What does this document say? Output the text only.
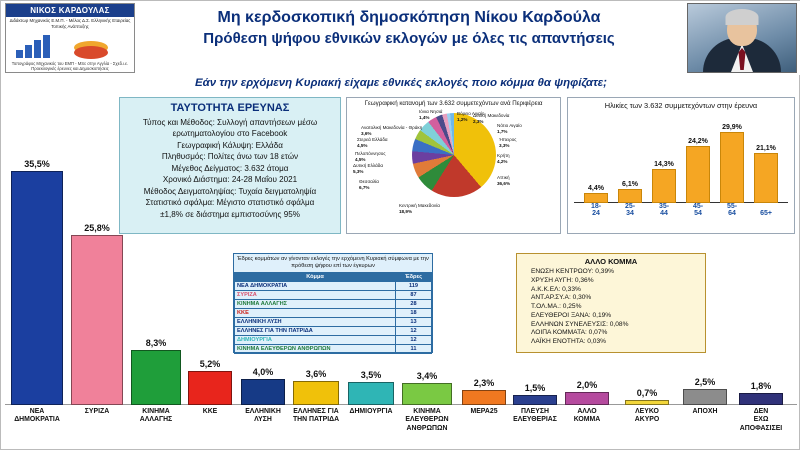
ΝΙΚΟΣ ΚΑΡΔΟΥΛΑΣ
Διδάκτωρ Μηχανικός Ε.Μ.Π. - Μέλος Δ.Σ. Ελληνικής Εταιρείας Τοπικής Ανάπτυξης
Τοπογράφος Μηχανικός του ΕΜΠ - MSc στην Αγγλία - Σχεδ.ι.ε. Προεκλογικές έρευνες και Δημοσκοπήσεις
Μη κερδοσκοπική δημοσκόπηση Νίκου Καρδούλα
Πρόθεση ψήφου εθνικών εκλογών με όλες τις απαντήσεις
Εάν την ερχόμενη Κυριακή είχαμε εθνικές εκλογές ποιο κόμμα θα ψηφίζατε;
35,5%
ΝΕΑ
ΔΗΜΟΚΡΑΤΙΑ
25,8%
ΣΥΡΙΖΑ
8,3%
ΚΙΝΗΜΑ
ΑΛΛΑΓΗΣ
5,2%
ΚΚΕ
4,0%
ΕΛΛΗΝΙΚΗ
ΛΥΣΗ
3,6%
ΕΛΛΗΝΕΣ ΓΙΑ
ΤΗΝ ΠΑΤΡΙΔΑ
3,5%
ΔΗΜΙΟΥΡΓΙΑ
3,4%
ΚΙΝΗΜΑ
ΕΛΕΥΘΕΡΩΝ
ΑΝΘΡΩΠΩΝ
2,3%
ΜΕΡΑ25
1,5%
ΠΛΕΥΣΗ
ΕΛΕΥΘΕΡΙΑΣ
2,0%
ΑΛΛΟ
ΚΟΜΜΑ
0,7%
ΛΕΥΚΟ
ΑΚΥΡΟ
2,5%
ΑΠΟΧΗ
1,8%
ΔΕΝ
ΕΧΩ
ΑΠΟΦΑΣΙΣΕΙ
ΤΑΥΤΟΤΗΤΑ ΕΡΕΥΝΑΣ
Τύπος και Μέθοδος: Συλλογή απαντήσεων μέσω
ερωτηματολογίου στο Facebook
Γεωγραφική Κάλυψη: Ελλάδα
Πληθυσμός: Πολίτες άνω των 18 ετών
Μέγεθος Δείγματος: 3.632 άτομα
Χρονικό Διάστημα: 24-28 Μαΐου 2021
Μέθοδος Δειγματοληψίας: Τυχαία δειγματοληψία
Στατιστικό σφάλμα: Μέγιστο στατιστικό σφάλμα
±1,8% σε διάστημα εμπιστοσύνης 95%
Γεωγραφική κατανομή των 3.632 συμμετεχόντων ανά Περιφέρεια
Αττική
36,6%
Κεντρική Μακεδονία
18,9%
Θεσσαλία
6,7%
Δυτική Ελλάδα
5,3%
Πελοπόννησος
4,5%
Στερεά Ελλάδα
4,5%
Ανατολική Μακεδονία - Θράκη
3,6%
Κρήτη
4,2%
Ήπειρος
3,3%
Δυτική Μακεδονία
2,3%
Νότιο Αιγαίο
1,7%
Βόρειο Αιγαίο
1,2%
Ιόνια Νησιά
1,4%
Ηλικίες των 3.632 συμμετεχόντων στην έρευνα
4,4%
18-24
6,1%
25-34
14,3%
35-44
24,2%
45-54
29,9%
55-64
21,1%
65+
Έδρες κομμάτων αν γίνονταν εκλογές την ερχόμενη Κυριακή σύμφωνα με την πρόθεση ψήφου επί των έγκυρων
Κόμμα	Έδρες
ΝΕΑ ΔΗΜΟΚΡΑΤΙΑ	119
ΣΥΡΙΖΑ	87
ΚΙΝΗΜΑ ΑΛΛΑΓΗΣ	28
ΚΚΕ	18
ΕΛΛΗΝΙΚΗ ΛΥΣΗ	13
ΕΛΛΗΝΕΣ ΓΙΑ ΤΗΝ ΠΑΤΡΙΔΑ	12
ΔΗΜΙΟΥΡΓΙΑ	12
ΚΙΝΗΜΑ ΕΛΕΥΘΕΡΩΝ ΑΝΘΡΩΠΩΝ	11
ΑΛΛΟ ΚΟΜΜΑ
ΕΝΩΣΗ ΚΕΝΤΡΩΟΥ: 0,39%
ΧΡΥΣΗ ΑΥΓΗ: 0,36%
Α.Κ.Κ.ΕΛ: 0,33%
ΑΝΤ.ΑΡ.ΣΥ.Α: 0,30%
Τ.ΟΛ.ΜΑ.: 0,25%
ΕΛΕΥΘΕΡΟΙ ΞΑΝΑ: 0,19%
ΕΛΛΗΝΩΝ ΣΥΝΕΛΕΥΣΙΣ: 0,08%
ΛΟΙΠΑ ΚΟΜΜΑΤΑ: 0,07%
ΛΑΪΚΗ ΕΝΟΤΗΤΑ: 0,03%
